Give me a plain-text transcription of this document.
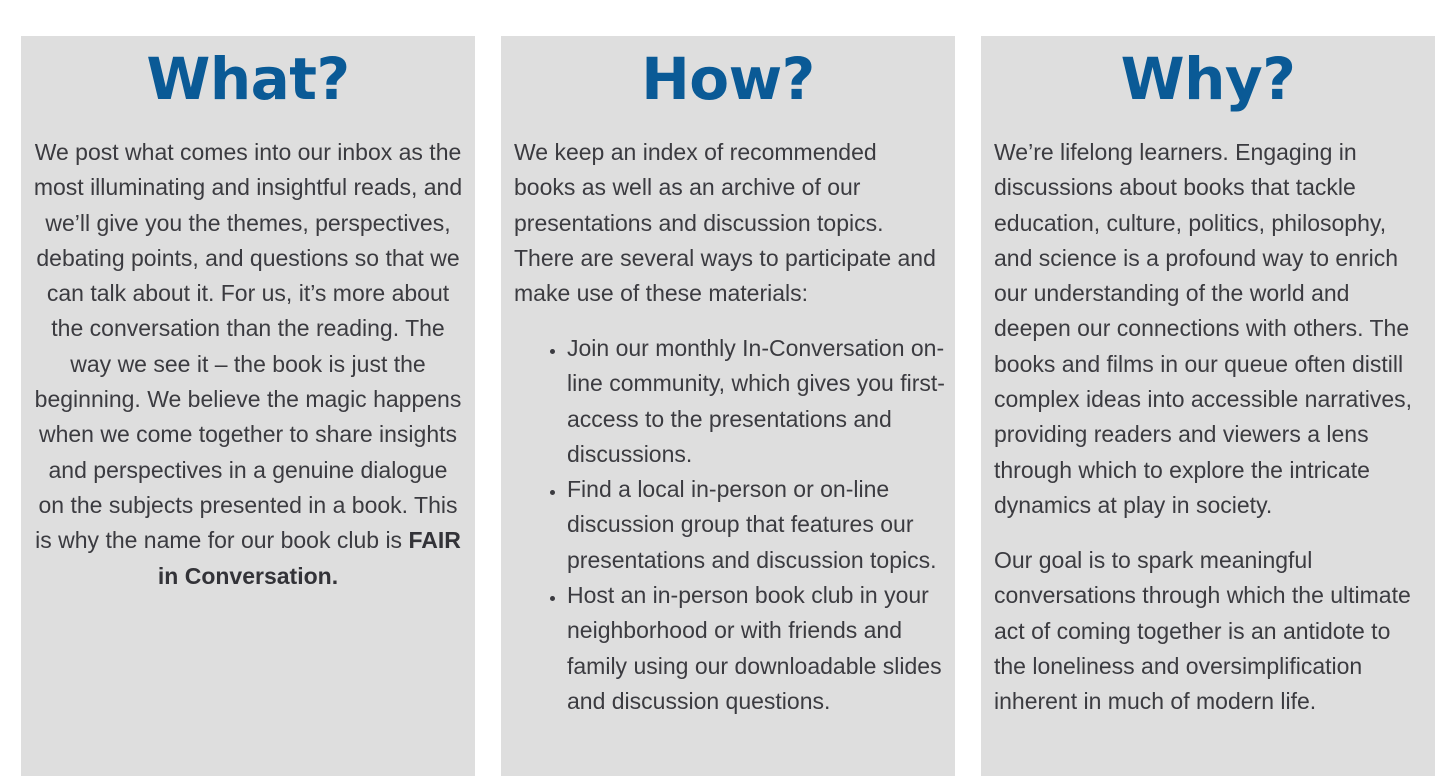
What?
We post what comes into our inbox as the most illuminating and insightful reads, and we’ll give you the themes, perspectives, debating points, and questions so that we can talk about it. For us, it’s more about the conversation than the reading. The way we see it – the book is just the beginning. We believe the magic happens when we come together to share insights and perspectives in a genuine dialogue on the subjects presented in a book. This is why the name for our book club is FAIR in Conversation.
How?

We keep an index of recommended books as well as an archive of our presentations and discussion topics. There are several ways to participate and make use of these materials:

• Join our monthly In-Conversation on-line community, which gives you first-access to the presentations and discussions.
• Find a local in-person or on-line discussion group that features our presentations and discussion topics.
• Host an in-person book club in your neighborhood or with friends and family using our downloadable slides and discussion questions.
Why?

We’re lifelong learners. Engaging in discussions about books that tackle education, culture, politics, philosophy, and science is a profound way to enrich our understanding of the world and deepen our connections with others. The books and films in our queue often distill complex ideas into accessible narratives, providing readers and viewers a lens through which to explore the intricate dynamics at play in society.

Our goal is to spark meaningful conversations through which the ultimate act of coming together is an antidote to the loneliness and oversimplification inherent in much of modern life.
